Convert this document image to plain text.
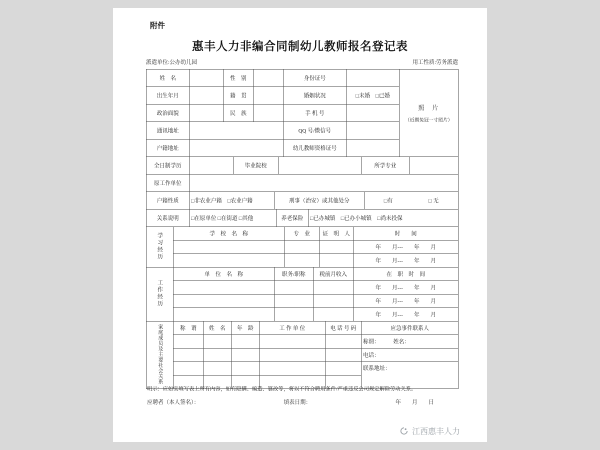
附件
惠丰人力非编合同制幼儿教师报名登记表
派遣单位:公办幼儿园	用工性质:劳务派遣
姓　名		性　别		身份证号		照　片
（近期免冠一寸照片）

出生年月		籍　贯		婚姻状况	□未婚　□已婚	
政治面貌		民　族		手 机 号		
通讯地址				QQ 号/微信号		
户籍地址				幼儿教师资格证号		
全日制学历		毕业院校		所学专业	
原工作单位	
户籍性质	□非农业户籍　□农业户籍	刑事（治安）或其他处分	□有	□ 无
关系说明	□在原单位 □在街道 □其他	养老保险	□已办城镇　□已办小城镇　□尚未投保
学习经历	学　校　名　称	专　业	证　明　人	时　　间
				年　　月---　　年　　月
				年　　月---　　年　　月
工作经历	单　位　名　称	职务/职称	税前月收入	在　职　时　间
				年　　月---　　年　　月
				年　　月---　　年　　月
				年　　月---　　年　　月
家庭成员及主要社会关系	称　谓	姓　名	年　龄	工 作 单 位	电 话 号 码	应急事件联系人
						称谓：　　　姓名：
						电话：
						联系地址：

明示：应如实填写表上所有内容，如有隐瞒、编造、篡改等，将以不符合聘用条件/严重违反公司规定解除劳动关系。
应聘者（本人签名）：	填表日期：	年　　月　　日
江西惠丰人力
